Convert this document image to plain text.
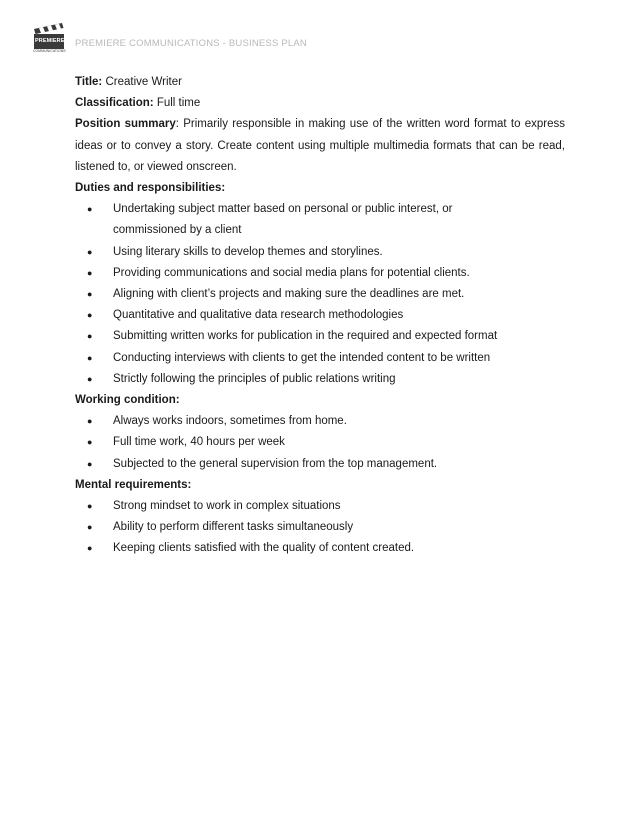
PREMIERE
COMMUNICATIONS
PREMIERE COMMUNICATIONS - BUSINESS PLAN
Title: Creative Writer
Classification: Full time
Position summary: Primarily responsible in making use of the written word format to express ideas or to convey a story. Create content using multiple multimedia formats that can be read, listened to, or viewed onscreen.
Duties and responsibilities:
● Undertaking subject matter based on personal or public interest, or commissioned by a client
● Using literary skills to develop themes and storylines.
● Providing communications and social media plans for potential clients.
● Aligning with client’s projects and making sure the deadlines are met.
● Quantitative and qualitative data research methodologies
● Submitting written works for publication in the required and expected format
● Conducting interviews with clients to get the intended content to be written
● Strictly following the principles of public relations writing
Working condition:
● Always works indoors, sometimes from home.
● Full time work, 40 hours per week
● Subjected to the general supervision from the top management.
Mental requirements:
● Strong mindset to work in complex situations
● Ability to perform different tasks simultaneously
● Keeping clients satisfied with the quality of content created.
